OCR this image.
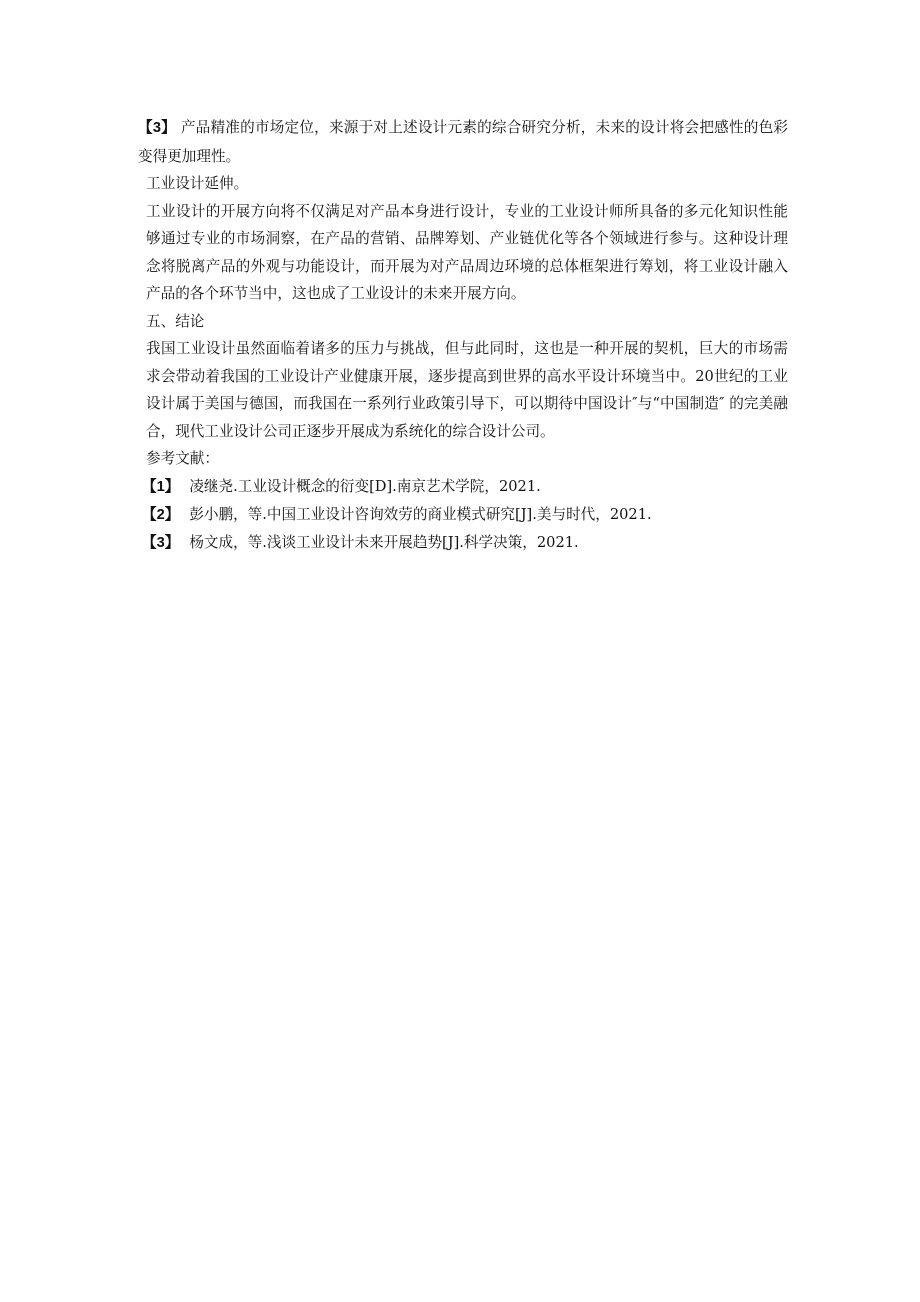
【3】 产品精准的市场定位，来源于对上述设计元素的综合研究分析，未来的设计将会把感性的色彩变得更加理性。

工业设计延伸。

工业设计的开展方向将不仅满足对产品本身进行设计，专业的工业设计师所具备的多元化知识性能够通过专业的市场洞察，在产品的营销、品牌筹划、产业链优化等各个领域进行参与。这种设计理念将脱离产品的外观与功能设计，而开展为对产品周边环境的总体框架进行筹划，将工业设计融入产品的各个环节当中，这也成了工业设计的未来开展方向。

五、结论

我国工业设计虽然面临着诸多的压力与挑战，但与此同时，这也是一种开展的契机，巨大的市场需求会带动着我国的工业设计产业健康开展，逐步提高到世界的高水平设计环境当中。20世纪的工业设计属于美国与德国，而我国在一系列行业政策引导下，可以期待中国设计″与“中国制造″ 的完美融合，现代工业设计公司正逐步开展成为系统化的综合设计公司。

参考文献：

【1】 凌继尧.工业设计概念的衍变[D].南京艺术学院，2021.

【2】 彭小鹏，等.中国工业设计咨询效劳的商业模式研究[J].美与时代，2021.

【3】 杨文成，等.浅谈工业设计未来开展趋势[J].科学决策，2021.
